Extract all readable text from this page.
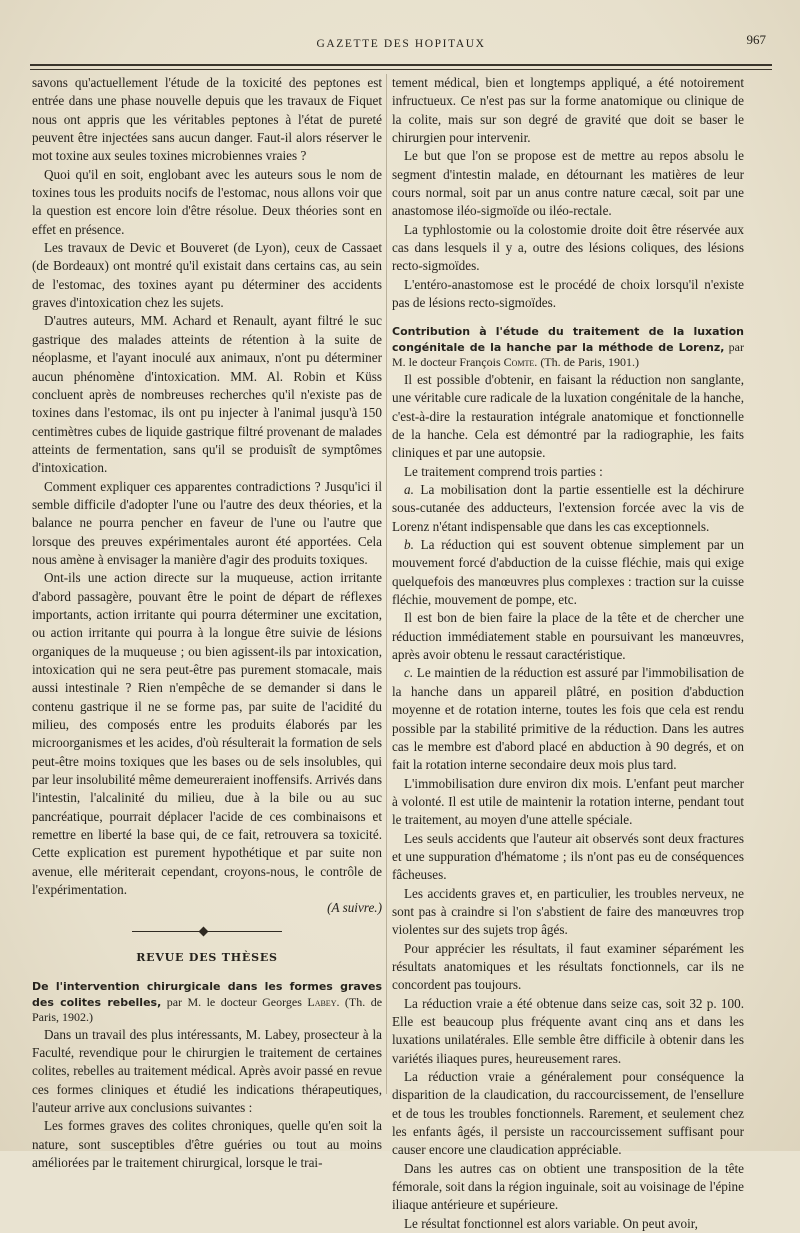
GAZETTE DES HOPITAUX	967

savons qu'actuellement l'étude de la toxicité des peptones est entrée dans une phase nouvelle depuis que les travaux de Fiquet nous ont appris que les véritables peptones à l'état de pureté peuvent être injectées sans aucun danger. Faut-il alors réserver le mot toxine aux seules toxines microbiennes vraies ?

Quoi qu'il en soit, englobant avec les auteurs sous le nom de toxines tous les produits nocifs de l'estomac, nous allons voir que la question est encore loin d'être résolue. Deux théories sont en effet en présence.

Les travaux de Devic et Bouveret (de Lyon), ceux de Cassaet (de Bordeaux) ont montré qu'il existait dans certains cas, au sein de l'estomac, des toxines ayant pu déterminer des accidents graves d'intoxication chez les sujets.

D'autres auteurs, MM. Achard et Renault, ayant filtré le suc gastrique des malades atteints de rétention à la suite de néoplasme, et l'ayant inoculé aux animaux, n'ont pu déterminer aucun phénomène d'intoxication. MM. Al. Robin et Küss concluent après de nombreuses recherches qu'il n'existe pas de toxines dans l'estomac, ils ont pu injecter à l'animal jusqu'à 150 centimètres cubes de liquide gastrique filtré provenant de malades atteints de fermentation, sans qu'il se produisît de symptômes d'intoxication.

Comment expliquer ces apparentes contradictions ? Jusqu'ici il semble difficile d'adopter l'une ou l'autre des deux théories, et la balance ne pourra pencher en faveur de l'une ou l'autre que lorsque des preuves expérimentales auront été apportées. Cela nous amène à envisager la manière d'agir des produits toxiques.

Ont-ils une action directe sur la muqueuse, action irritante d'abord passagère, pouvant être le point de départ de réflexes importants, action irritante qui pourra déterminer une excitation, ou action irritante qui pourra à la longue être suivie de lésions organiques de la muqueuse ; ou bien agissent-ils par intoxication, intoxication qui ne sera peut-être pas purement stomacale, mais aussi intestinale ? Rien n'empêche de se demander si dans le contenu gastrique il ne se forme pas, par suite de l'acidité du milieu, des composés entre les produits élaborés par les microorganismes et les acides, d'où résulterait la formation de sels peut-être moins toxiques que les bases ou de sels insolubles, qui par leur insolubilité même demeureraient inoffensifs. Arrivés dans l'intestin, l'alcalinité du milieu, due à la bile ou au suc pancréatique, pourrait déplacer l'acide de ces combinaisons et remettre en liberté la base qui, de ce fait, retrouvera sa toxicité. Cette explication est purement hypothétique et par suite non avenue, elle mériterait cependant, croyons-nous, le contrôle de l'expérimentation.

(A suivre.)
REVUE DES THÈSES

De l'intervention chirurgicale dans les formes graves des colites rebelles, par M. le docteur Georges Labey. (Th. de Paris, 1902.)

Dans un travail des plus intéressants, M. Labey, prosecteur à la Faculté, revendique pour le chirurgien le traitement de certaines colites, rebelles au traitement médical. Après avoir passé en revue ces formes cliniques et étudié les indications thérapeutiques, l'auteur arrive aux conclusions suivantes :

Les formes graves des colites chroniques, quelle qu'en soit la nature, sont susceptibles d'être guéries ou tout au moins améliorées par le traitement chirurgical, lorsque le trai-

tement médical, bien et longtemps appliqué, a été notoirement infructueux. Ce n'est pas sur la forme anatomique ou clinique de la colite, mais sur son degré de gravité que doit se baser le chirurgien pour intervenir.

Le but que l'on se propose est de mettre au repos absolu le segment d'intestin malade, en détournant les matières de leur cours normal, soit par un anus contre nature cæcal, soit par une anastomose iléo-sigmoïde ou iléo-rectale.

La typhlostomie ou la colostomie droite doit être réservée aux cas dans lesquels il y a, outre des lésions coliques, des lésions recto-sigmoïdes.

L'entéro-anastomose est le procédé de choix lorsqu'il n'existe pas de lésions recto-sigmoïdes.

Contribution à l'étude du traitement de la luxation congénitale de la hanche par la méthode de Lorenz, par M. le docteur François Comte. (Th. de Paris, 1901.)

Il est possible d'obtenir, en faisant la réduction non sanglante, une véritable cure radicale de la luxation congénitale de la hanche, c'est-à-dire la restauration intégrale anatomique et fonctionnelle de la hanche. Cela est démontré par la radiographie, les faits cliniques et par une autopsie.

Le traitement comprend trois parties :

a. La mobilisation dont la partie essentielle est la déchirure sous-cutanée des adducteurs, l'extension forcée avec la vis de Lorenz n'étant indispensable que dans les cas exceptionnels.

b. La réduction qui est souvent obtenue simplement par un mouvement forcé d'abduction de la cuisse fléchie, mais qui exige quelquefois des manœuvres plus complexes : traction sur la cuisse fléchie, mouvement de pompe, etc.

Il est bon de bien faire la place de la tête et de chercher une réduction immédiatement stable en poursuivant les manœuvres, après avoir obtenu le ressaut caractéristique.

c. Le maintien de la réduction est assuré par l'immobilisation de la hanche dans un appareil plâtré, en position d'abduction moyenne et de rotation interne, toutes les fois que cela est rendu possible par la stabilité primitive de la réduction. Dans les autres cas le membre est d'abord placé en abduction à 90 degrés, et on fait la rotation interne secondaire deux mois plus tard.

L'immobilisation dure environ dix mois. L'enfant peut marcher à volonté. Il est utile de maintenir la rotation interne, pendant tout le traitement, au moyen d'une attelle spéciale.

Les seuls accidents que l'auteur ait observés sont deux fractures et une suppuration d'hématome ; ils n'ont pas eu de conséquences fâcheuses.

Les accidents graves et, en particulier, les troubles nerveux, ne sont pas à craindre si l'on s'abstient de faire des manœuvres trop violentes sur des sujets trop âgés.

Pour apprécier les résultats, il faut examiner séparément les résultats anatomiques et les résultats fonctionnels, car ils ne concordent pas toujours.

La réduction vraie a été obtenue dans seize cas, soit 32 p. 100. Elle est beaucoup plus fréquente avant cinq ans et dans les luxations unilatérales. Elle semble être difficile à obtenir dans les variétés iliaques pures, heureusement rares.

La réduction vraie a généralement pour conséquence la disparition de la claudication, du raccourcissement, de l'ensellure et de tous les troubles fonctionnels. Rarement, et seulement chez les enfants âgés, il persiste un raccourcissement suffisant pour causer encore une claudication appréciable.

Dans les autres cas on obtient une transposition de la tête fémorale, soit dans la région inguinale, soit au voisinage de l'épine iliaque antérieure et supérieure.

Le résultat fonctionnel est alors variable. On peut avoir,
